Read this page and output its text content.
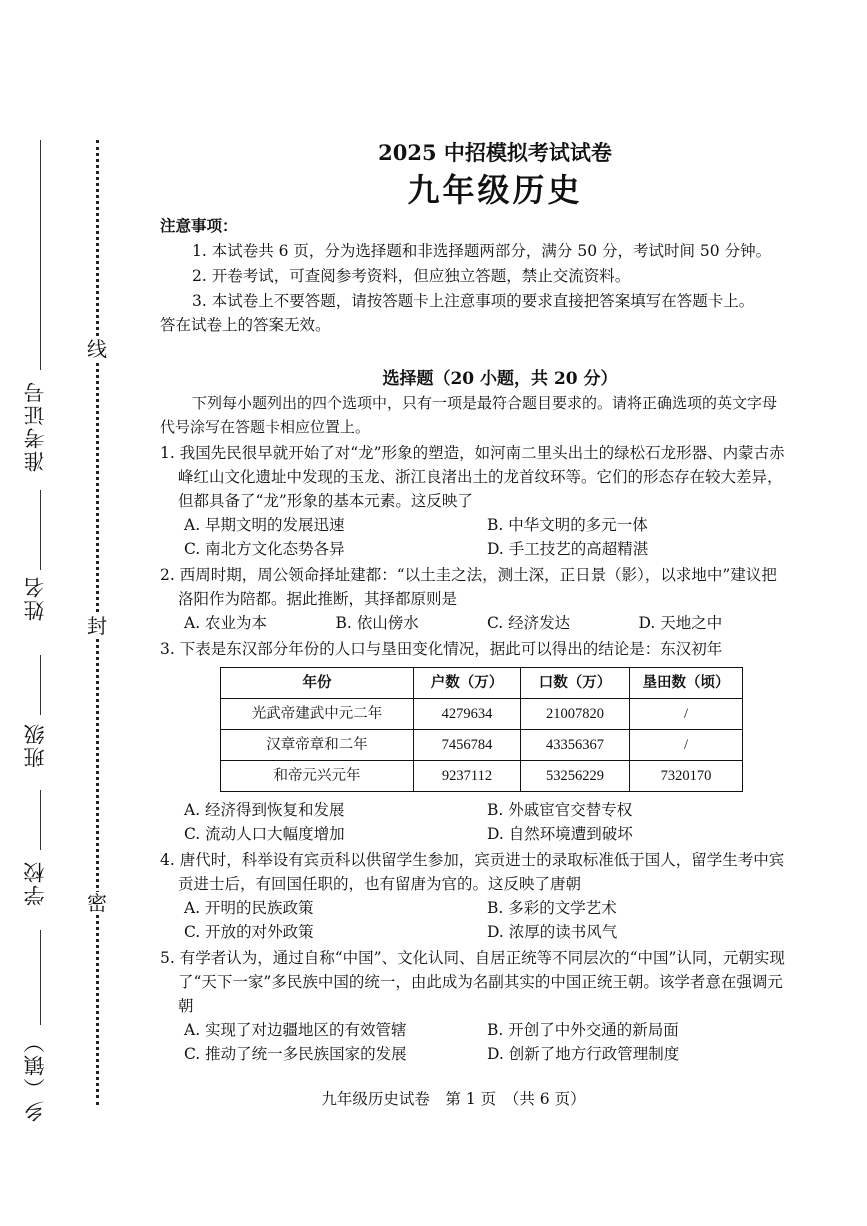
线
封
密
准考证号
姓名
班级
学校
乡（镇）
2025 中招模拟考试试卷
九年级历史
注意事项：
1. 本试卷共 6 页，分为选择题和非选择题两部分，满分 50 分，考试时间 50 分钟。
2. 开卷考试，可查阅参考资料，但应独立答题，禁止交流资料。
3. 本试卷上不要答题，请按答题卡上注意事项的要求直接把答案填写在答题卡上。
答在试卷上的答案无效。
选择题（20 小题，共 20 分）
下列每小题列出的四个选项中，只有一项是最符合题目要求的。请将正确选项的英文字母代号涂写在答题卡相应位置上。
1. 我国先民很早就开始了对“龙”形象的塑造，如河南二里头出土的绿松石龙形器、内蒙古赤峰红山文化遗址中发现的玉龙、浙江良渚出土的龙首纹环等。它们的形态存在较大差异，但都具备了“龙”形象的基本元素。这反映了
A. 早期文明的发展迅速	B. 中华文明的多元一体
C. 南北方文化态势各异	D. 手工技艺的高超精湛
2. 西周时期，周公领命择址建都：“以土圭之法，测土深，正日景（影），以求地中”建议把洛阳作为陪都。据此推断，其择都原则是
A. 农业为本	B. 依山傍水	C. 经济发达	D. 天地之中
3. 下表是东汉部分年份的人口与垦田变化情况，据此可以得出的结论是：东汉初年
年份	户数（万）	口数（万）	垦田数（顷）
光武帝建武中元二年	4279634	21007820	/
汉章帝章和二年	7456784	43356367	/
和帝元兴元年	9237112	53256229	7320170
A. 经济得到恢复和发展	B. 外戚宦官交替专权
C. 流动人口大幅度增加	D. 自然环境遭到破坏
4. 唐代时，科举设有宾贡科以供留学生参加，宾贡进士的录取标准低于国人，留学生考中宾贡进士后，有回国任职的，也有留唐为官的。这反映了唐朝
A. 开明的民族政策	B. 多彩的文学艺术
C. 开放的对外政策	D. 浓厚的读书风气
5. 有学者认为，通过自称“中国”、文化认同、自居正统等不同层次的“中国”认同，元朝实现了“天下一家”多民族中国的统一，由此成为名副其实的中国正统王朝。该学者意在强调元朝
A. 实现了对边疆地区的有效管辖	B. 开创了中外交通的新局面
C. 推动了统一多民族国家的发展	D. 创新了地方行政管理制度
九年级历史试卷　第 1 页　（共 6 页）
